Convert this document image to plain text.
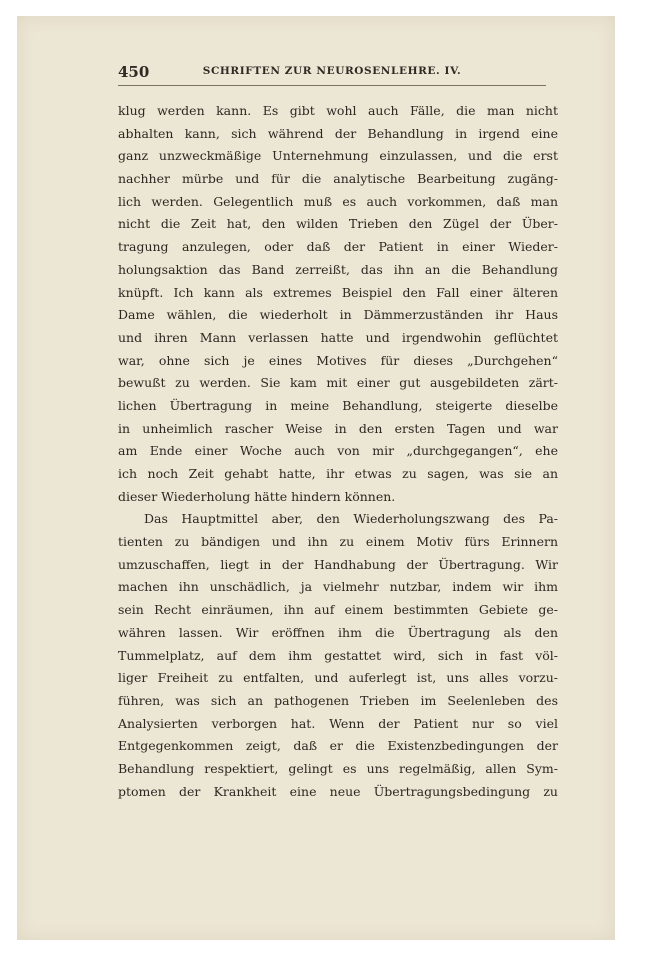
450	SCHRIFTEN ZUR NEUROSENLEHRE. IV.
klug werden kann. Es gibt wohl auch Fälle, die man nicht
abhalten kann, sich während der Behandlung in irgend eine
ganz unzweckmäßige Unternehmung einzulassen, und die erst
nachher mürbe und für die analytische Bearbeitung zugäng-
lich werden. Gelegentlich muß es auch vorkommen, daß man
nicht die Zeit hat, den wilden Trieben den Zügel der Über-
tragung anzulegen, oder daß der Patient in einer Wieder-
holungsaktion das Band zerreißt, das ihn an die Behandlung
knüpft. Ich kann als extremes Beispiel den Fall einer älteren
Dame wählen, die wiederholt in Dämmerzuständen ihr Haus
und ihren Mann verlassen hatte und irgendwohin geflüchtet
war, ohne sich je eines Motives für dieses „Durchgehen“
bewußt zu werden. Sie kam mit einer gut ausgebildeten zärt-
lichen Übertragung in meine Behandlung, steigerte dieselbe
in unheimlich rascher Weise in den ersten Tagen und war
am Ende einer Woche auch von mir „durchgegangen“, ehe
ich noch Zeit gehabt hatte, ihr etwas zu sagen, was sie an
dieser Wiederholung hätte hindern können.
Das Hauptmittel aber, den Wiederholungszwang des Pa-
tienten zu bändigen und ihn zu einem Motiv fürs Erinnern
umzuschaffen, liegt in der Handhabung der Übertragung. Wir
machen ihn unschädlich, ja vielmehr nutzbar, indem wir ihm
sein Recht einräumen, ihn auf einem bestimmten Gebiete ge-
währen lassen. Wir eröffnen ihm die Übertragung als den
Tummelplatz, auf dem ihm gestattet wird, sich in fast völ-
liger Freiheit zu entfalten, und auferlegt ist, uns alles vorzu-
führen, was sich an pathogenen Trieben im Seelenleben des
Analysierten verborgen hat. Wenn der Patient nur so viel
Entgegenkommen zeigt, daß er die Existenzbedingungen der
Behandlung respektiert, gelingt es uns regelmäßig, allen Sym-
ptomen der Krankheit eine neue Übertragungsbedingung zu
